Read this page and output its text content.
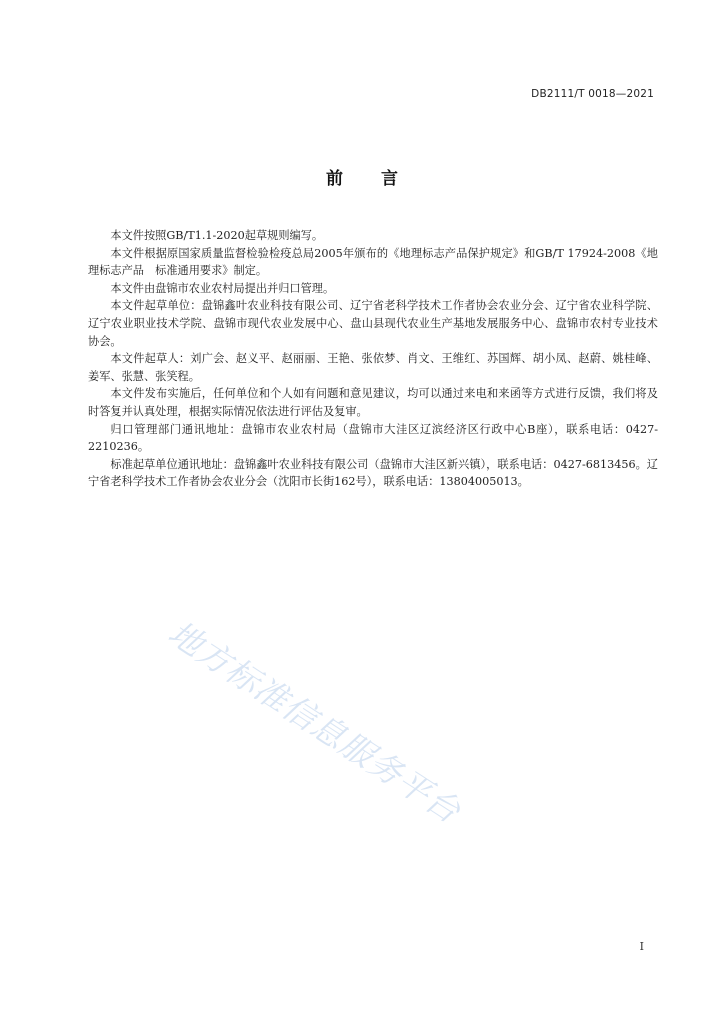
DB2111/T 0018—2021
前 言

本文件按照GB/T1.1-2020起草规则编写。

本文件根据原国家质量监督检验检疫总局2005年颁布的《地理标志产品保护规定》和GB/T 17924-2008《地理标志产品　标准通用要求》制定。

本文件由盘锦市农业农村局提出并归口管理。

本文件起草单位：盘锦鑫叶农业科技有限公司、辽宁省老科学技术工作者协会农业分会、辽宁省农业科学院、辽宁农业职业技术学院、盘锦市现代农业发展中心、盘山县现代农业生产基地发展服务中心、盘锦市农村专业技术协会。

本文件起草人：刘广会、赵义平、赵丽丽、王艳、张依梦、肖文、王维红、苏国辉、胡小凤、赵蔚、姚桂峰、姜军、张慧、张笑程。

本文件发布实施后，任何单位和个人如有问题和意见建议，均可以通过来电和来函等方式进行反馈，我们将及时答复并认真处理，根据实际情况依法进行评估及复审。

归口管理部门通讯地址：盘锦市农业农村局（盘锦市大洼区辽滨经济区行政中心B座），联系电话：0427-2210236。

标准起草单位通讯地址：盘锦鑫叶农业科技有限公司（盘锦市大洼区新兴镇），联系电话：0427-6813456。辽宁省老科学技术工作者协会农业分会（沈阳市长街162号），联系电话：13804005013。

地方标准信息服务平台
I
